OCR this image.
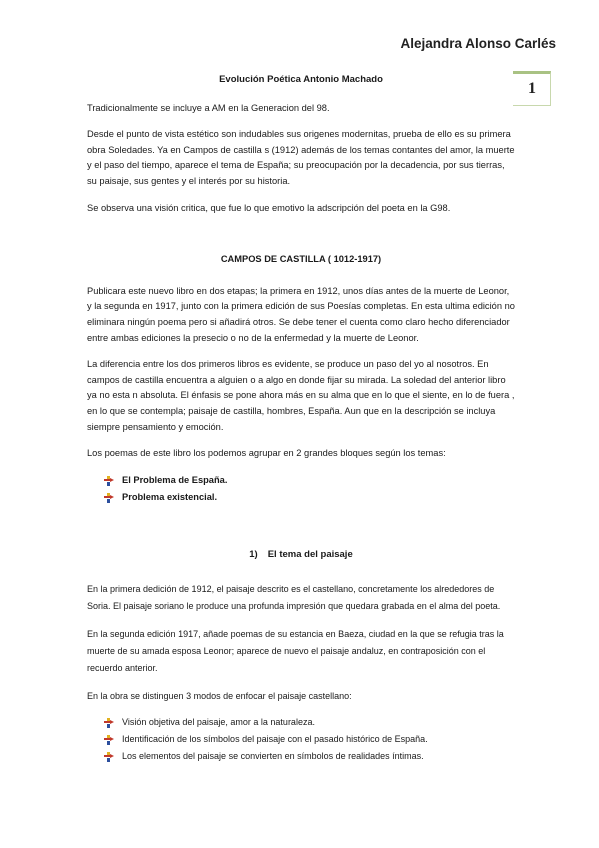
Alejandra Alonso Carlés
1
Evolución Poética Antonio Machado

Tradicionalmente se incluye a AM en la Generacion del 98.

Desde el punto de vista estético son indudables sus origenes modernitas, prueba de ello es su primera obra Soledades. Ya en Campos de castilla s (1912) además de los temas contantes del amor, la muerte y el paso del tiempo, aparece el tema de España; su preocupación por la decadencia, por sus tierras, su paisaje, sus gentes y el interés por su historia.

Se observa una visión critica, que fue lo que emotivo la adscripción del poeta en la G98.

CAMPOS DE CASTILLA ( 1012-1917)

Publicara este nuevo libro en dos etapas; la primera en 1912, unos días antes de la muerte de Leonor, y la segunda en 1917, junto con la primera edición de sus Poesías completas. En esta ultima edición no eliminara ningún poema pero si añadirá otros. Se debe tener el cuenta como claro hecho diferenciador entre ambas ediciones la presecio o no de la enfermedad y la muerte de Leonor.

La diferencia entre los dos primeros libros es evidente, se produce un paso del yo al nosotros. En campos de castilla encuentra a alguien o a algo en donde fijar su mirada. La soledad del anterior libro ya no esta n absoluta. El énfasis se pone ahora más en su alma que en lo que el siente, en lo de fuera , en lo que se contempla; paisaje de castilla, hombres, España. Aun que en la descripción se incluya siempre pensamiento y emoción.

Los poemas de este libro los podemos agrupar en 2 grandes bloques según los temas:

El Problema de España.
Problema existencial.
1) El tema del paisaje

En la primera dedición de 1912, el paisaje descrito es el castellano, concretamente los alrededores de Soria. El paisaje soriano le produce una profunda impresión que quedara grabada en el alma del poeta.

En la segunda edición 1917, añade poemas de su estancia en Baeza, ciudad en la que se refugia tras la muerte de su amada esposa Leonor; aparece de nuevo el paisaje andaluz, en contraposición con el recuerdo anterior.

En la obra se distinguen 3 modos de enfocar el paisaje castellano:

Visión objetiva del paisaje, amor a la naturaleza.
Identificación de los símbolos del paisaje con el pasado histórico de España.
Los elementos del paisaje se convierten en símbolos de realidades íntimas.
